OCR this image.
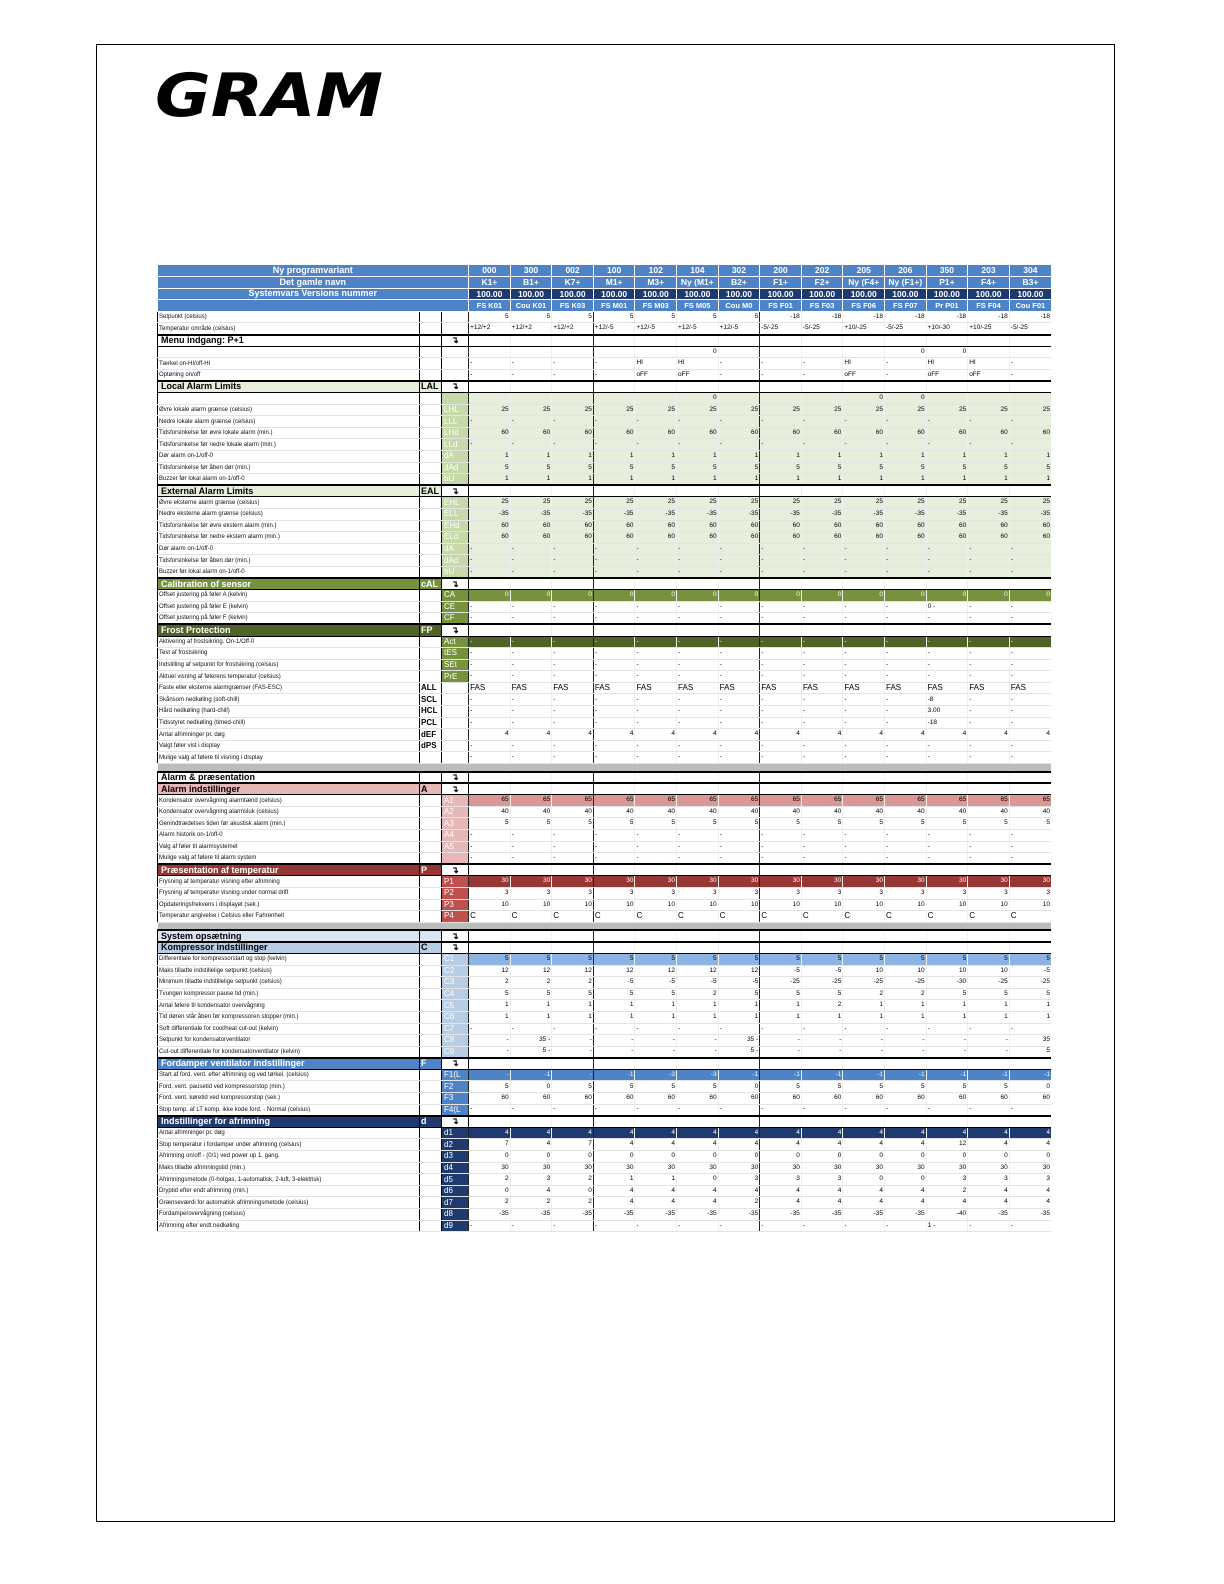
GRAM
Ny programvariant			000	300	002	100	102	104	302	200	202	205	206	350	203	304
Det gamle navn			K1+	B1+	K7+	M1+	M3+	Ny (M1+	B2+	F1+	F2+	Ny (F4+	Ny (F1+)	P1+	F4+	B3+
Systemvars Versions nummer			100.00	100.00	100.00	100.00	100.00	100.00	100.00	100.00	100.00	100.00	100.00	100.00	100.00	100.00
			FS K01	Cou K01	FS K03	FS M01	FS M03	FS M05	Cou M0	FS F01	FS F03	FS F06	FS F07	Pr P01	FS F04	Cou F01
Setpunkt (celsius)			5	5	5	5	5	5	5	-18	-18	-18	-18	-18	-18	-18
Temperatur område (celsius)			+12/+2	+12/+2	+12/+2	+12/-5	+12/-5	+12/-5	+12/-5	-5/-25	-5/-25	+10/-25	-5/-25	+10/-30	+10/-25	-5/-25
Menu indgang: P+1		↴														
								0					0	0		
Tærkel on-HI/off-HI		dC	-	-	-	-	HI	HI	-	-	-	HI	-	HI	HI	-
Optøning on/off		UF	-	-	-	-	oFF	oFF	-	-	-	oFF	-	oFF	oFF	-
Local Alarm Limits	LAL	↴														
								0				0	0			
Øvre lokale alarm grænse (celsius)		LHL	25	25	25	25	25	25	25	25	25	25	25	25	25	25
Nedre lokale alarm grænse (celsius)		LLL	-	-	-	-	-	-	-	-	-	-	-	-	-	-
Tidsforsinkelse før øvre lokale alarm (min.)		LHd	60	60	60	60	60	60	60	60	60	60	60	60	60	60
Tidsforsinkelse før nedre lokale alarm (min.)		LLd	-	-	-	-	-	-	-	-	-	-	-	-	-	-
Dør alarm on-1/off-0		dA	1	1	1	1	1	1	1	1	1	1	1	1	1	1
Tidsforsinkelse før åben dør (min.)		dAd	5	5	5	5	5	5	5	5	5	5	5	5	5	5
Buzzer før lokal alarm on-1/off-0		bU	1	1	1	1	1	1	1	1	1	1	1	1	1	1
External Alarm Limits	EAL	↴														
Øvre eksterne alarm grænse (celsius)		EHL	25	25	25	25	25	25	25	25	25	25	25	25	25	25
Nedre eksterne alarm grænse (celsius)		ELL	-35	-35	-35	-35	-35	-35	-35	-35	-35	-35	-35	-35	-35	-35
Tidsforsinkelse før øvre ekstern alarm (min.)		EHd	60	60	60	60	60	60	60	60	60	60	60	60	60	60
Tidsforsinkelse før nedre ekstern alarm (min.)		ELd	60	60	60	60	60	60	60	60	60	60	60	60	60	60
Dør alarm on-1/off-0		dA	-	-	-	-	-	-	-	-	-	-	-	-	-	-
Tidsforsinkelse før åben dør (min.)		dAd	-	-	-	-	-	-	-	-	-	-	-	-	-	-
Buzzer før lokal alarm on-1/off-0		bU	-	-	-	-	-	-	-	-	-	-	-	-	-	-
Calibration of sensor	cAL	↴														
Offset justering på føler A (kelvin)		CA	0	0	0	0	0	0	0	0	0	0	0	0	0	0
Offset justering på føler E (kelvin)		CE	-	-	-	-	-	-	-	-	-	-	-	0 -	-	-
Offset justering på føler F (kelvin)		CF	-	-	-	-	-	-	-	-	-	-	-	-	-	-
Frost Protection	FP	↴														
Aktivering af frostsikring. On-1/Off-0		Act	-	-	-	-	-	-	-	-	-	-	-	-	-	-
Test af frostsikring		tES	-	-	-	-	-	-	-	-	-	-	-	-	-	-
Indstilling af setpunkt for frostsikring (celsius)		SEt	-	-	-	-	-	-	-	-	-	-	-	-	-	-
Aktuel visning af følerens temperatur (celsius)		PrE	-	-	-	-	-	-	-	-	-	-	-	-	-	-
Faste eller eksterne alarmgrænser (FAS-ESC)	ALL		FAS	FAS	FAS	FAS	FAS	FAS	FAS	FAS	FAS	FAS	FAS	FAS	FAS	FAS
Skånsom nedkøling (soft-chill)	SCL		-	-	-	-	-	-	-	-	-	-	-	-8	-	-
Hård nedkøling (hard-chill)	HCL		-	-	-	-	-	-	-	-	-	-	-	3.00	-	-
Tidsstyret nedkøling (timed-chill)	PCL		-	-	-	-	-	-	-	-	-	-	-	-18	-	-
Antal afrimninger pr. døg	dEF		4	4	4	4	4	4	4	4	4	4	4	4	4	4
Valgt føler vist i display	dPS		-	-	-	-	-	-	-	-	-	-	-	-	-	-
Mulige valg af følere til visning i display			-	-	-	-	-	-	-	-	-	-	-	-	-	-

Alarm & præsentation		↴														
Alarm indstillinger	A	↴														
Kondensator overvågning alarmtænd (celsius)		A1	65	65	65	65	65	65	65	65	65	65	65	65	65	65
Kondensator overvågning alarmsluk (celsius)		A2	40	40	40	40	40	40	40	40	40	40	40	40	40	40
Genindtrædelses tiden før akustisk alarm (min.)		A3	5	5	5	5	5	5	5	5	5	5	5	5	5	5
Alarm historik on-1/off-0		A4	-	-	-	-	-	-	-	-	-	-	-	-	-	-
Valg af føler til alarmsystemet		A5	-	-	-	-	-	-	-	-	-	-	-	-	-	-
Mulige valg af følere til alarm system			-	-	-	-	-	-	-	-	-	-	-	-	-	-
Præsentation af temperatur	P	↴														
Frysning af temperatur visning efter afrimning		P1	30	30	30	30	30	30	30	30	30	30	30	30	30	30
Frysning af temperatur visning under normal drift		P2	3	3	3	3	3	3	3	3	3	3	3	3	3	3
Opdateringsfrekvens i displayet (sek.)		P3	10	10	10	10	10	10	10	10	10	10	10	10	10	10
Temperatur angivelse i Celsius eller Fahrenheit		P4	C	C	C	C	C	C	C	C	C	C	C	C	C	C

System opsætning		↴														
Kompressor indstillinger	C	↴														
Differentiale for kompressorstart og stop (kelvin)		C1	5	5	5	5	5	5	5	5	5	5	5	5	5	5
Maks tilladte indstillelige setpunkt (celsius)		C2	12	12	12	12	12	12	12	-5	-5	10	10	10	10	-5
Minimum tilladte indstillelige setpunkt (celsius)		C3	2	2	2	-5	-5	-5	-5	-25	-25	-25	-25	-30	-25	-25
Tvungen kompressor pause tid (min.)		C4	5	5	5	5	5	2	5	5	5	2	2	5	5	5
Antal følere til kondensator overvågning		C5	1	1	1	1	1	1	1	1	2	1	1	1	1	1
Tid døren står åben før kompressoren stopper (min.)		C6	1	1	1	1	1	1	1	1	1	1	1	1	1	1
Soft differentiale for cool/heat cut-out (kelvin)		C7	-	-	-	-	-	-	-	-	-	-	-	-	-	-
Setpunkt for kondensatorventilator		C8	-	35 -	-	-	-	-	35 -	-	-	-	-	-	-	35
Cut-out differentiale for kondensatorventilator (kelvin)		C9	-	5 -	-	-	-	-	5 -	-	-	-	-	-	-	5
Fordamper ventilator indstillinger	F	↴														
Start af ford. vent. efter afrimning og ved tørkel. (celsius)		F1(L	-	-1	-	-1	-3	-3	-1	-1	-1	-1	-1	-1	-1	-1
Ford. vent. pausetid ved kompressorstop (min.)		F2	5	0	5	5	5	5	0	5	5	5	5	5	5	0
Ford. vent. køretid ved kompressorstop (sek.)		F3	60	60	60	60	60	60	60	60	60	60	60	60	60	60
Stop temp. af LT komp. ikke kode ford. - Normal (celsius)		F4(L	-	-	-	-	-	-	-	-	-	-	-	-	-	-
Indstillinger for afrimning	d	↴														
Antal afrimninger pr. døg		d1	4	4	4	4	4	4	4	4	4	4	4	4	4	4
Stop temperatur i fordamper under afrimning (celsius)		d2	7	4	7	4	4	4	4	4	4	4	4	12	4	4
Afrimning on/off - (0/1) ved power up 1. gang.		d3	0	0	0	0	0	0	0	0	0	0	0	0	0	0
Maks tilladte afrimningstid (min.)		d4	30	30	30	30	30	30	30	30	30	30	30	30	30	30
Afrimningsmetode (0-hotgas, 1-automatisk, 2-luft, 3-elektrisk)		d5	2	3	2	1	1	0	3	3	3	0	0	3	3	3
Dryptid efter endt afrimning (min.)		d6	0	4	0	4	4	4	4	4	4	4	4	2	4	4
Grænseværdi for automatisk afrimningsmetode (celsius)		d7	2	2	2	4	4	4	2	4	4	4	4	4	4	4
Fordamperovervågning (celsius)		d8	-35	-35	-35	-35	-35	-35	-35	-35	-35	-35	-35	-40	-35	-35
Afrimning efter endt nedkøling		d9	-	-	-	-	-	-	-	-	-	-	-	1 -	-	-
